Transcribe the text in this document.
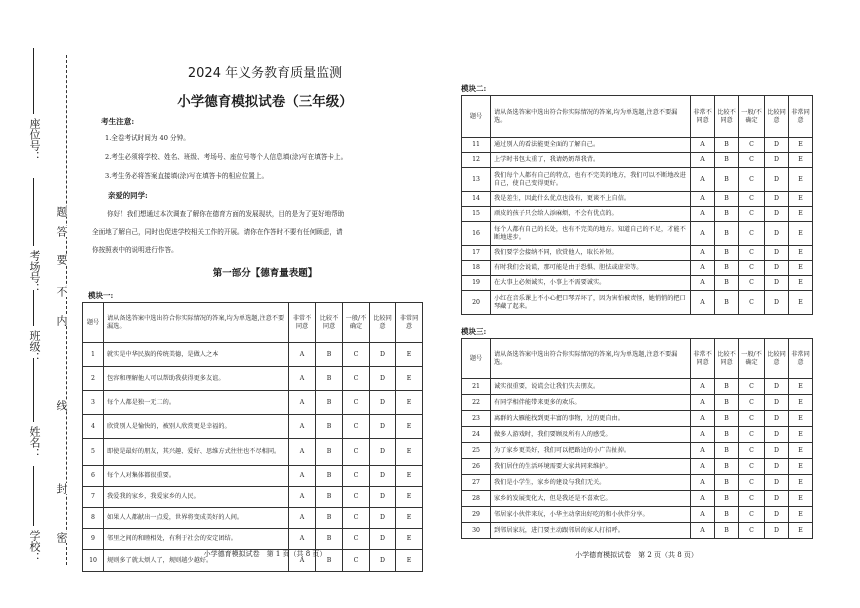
座位号：
考场号：
班级：
姓名：
学校： 密
封
线
内
不
要
答
题
2024 年义务教育质量监测
小学德育模拟试卷（三年级）
考生注意:
1.全卷考试时间为 40 分钟。
2.考生必须将学校、姓名、班级、考场号、座位号等个人信息填(涂)写在填答卡上。
3.考生务必将答案直接填(涂)写在填答卡的相应位置上。
亲爱的同学:
你好！我们想通过本次调查了解你在德育方面的发展现状，目的是为了更好地帮助
全面地了解自己，同时也促进学校相关工作的开展。请你在作答时不要有任何顾虑，请
你按照表中的说明进行作答。
第一部分【德育量表题】
模块一:
题号	请从备选答案中选出符合你实际情况的答案,均为单选题,注意不要漏选。	非常不同意	比较不同意	一般/不确定	比较同意	非常同意
1	就实是中华民族的传统美德，是做人之本	A	B	C	D	E
2	包容和理解他人可以帮助我获得更多友谊。	A	B	C	D	E
3	每个人都是独一无二的。	A	B	C	D	E
4	欣赏别人是愉快的，被别人欣赏更是幸福的。	A	B	C	D	E
5	即使是最好的朋友，其兴趣、爱好、思维方式往往也不尽相同。	A	B	C	D	E
6	每个人对集体都很重要。	A	B	C	D	E
7	我爱我的家乡，我爱家乡的人民。	A	B	C	D	E
8	如果人人都献出一点爱，世界将变成美好的人间。	A	B	C	D	E
9	邻里之间的和睦相处，有利于社会的安定团结。	A	B	C	D	E
10	规则多了就太烦人了，规则越少越好。	A	B	C	D	E
小学德育模拟试卷　第 1 页（共 8 页）
模块二:
题号	请从备选答案中选出符合你实际情况的答案,均为单选题,注意不要漏选。	非常不同意	比较不同意	一般/不确定	比较同意	非常同意
11	通过别人的看法能更全面的了解自己。	A	B	C	D	E
12	上学时书包太重了，我请奶奶帮我背。	A	B	C	D	E
13	我们每个人都有自己的特点，也有不完美的地方，我们可以不断地改进自己，使自己变得更好。	A	B	C	D	E
14	我是差生，因此什么优点也没有，更谈不上自信。	A	B	C	D	E
15	顽皮的孩子只会给人添麻烦，不会有优点的。	A	B	C	D	E
16	每个人都有自己的长处，也有不完美的地方。知道自己的不足，才能不断地进步。	A	B	C	D	E
17	我们要学会接纳不同，欣赏他人，取长补短。	A	B	C	D	E
18	有时我们会说谎，那可能是由于恐惧、胆怯或虚荣等。	A	B	C	D	E
19	在大事上必须诚实，小事上不需要诚实。	A	B	C	D	E
20	小红在音乐课上不小心把口琴弄坏了，因为害怕被责怪，她悄悄的把口琴藏了起来。	A	B	C	D	E
模块三:
题号	请从备选答案中选出符合你实际情况的答案,均为单选题,注意不要漏选。	非常不同意	比较不同意	一般/不确定	比较同意	非常同意
21	诚实很重要，说谎会让我们失去朋友。	A	B	C	D	E
22	有同学相伴能带来更多的欢乐。	A	B	C	D	E
23	离群的大雁能找到更丰富的事物，过的更自由。	A	B	C	D	E
24	做多人游戏时，我们要顾及所有人的感受。	A	B	C	D	E
25	为了家乡更美好，我们可以把路边的小广告扯掉。	A	B	C	D	E
26	我们居住的生活环境需要大家共同来维护。	A	B	C	D	E
27	我们是小学生，家乡的建设与我们无关。	A	B	C	D	E
28	家乡的发展变化大，但是我还是不喜欢它。	A	B	C	D	E
29	邻居家小伙伴来玩，小华主动拿出好吃的和小伙伴分享。	A	B	C	D	E
30	到邻居家玩，进门要主动跟邻居的家人打招呼。	A	B	C	D	E
小学德育模拟试卷　第 2 页（共 8 页）
